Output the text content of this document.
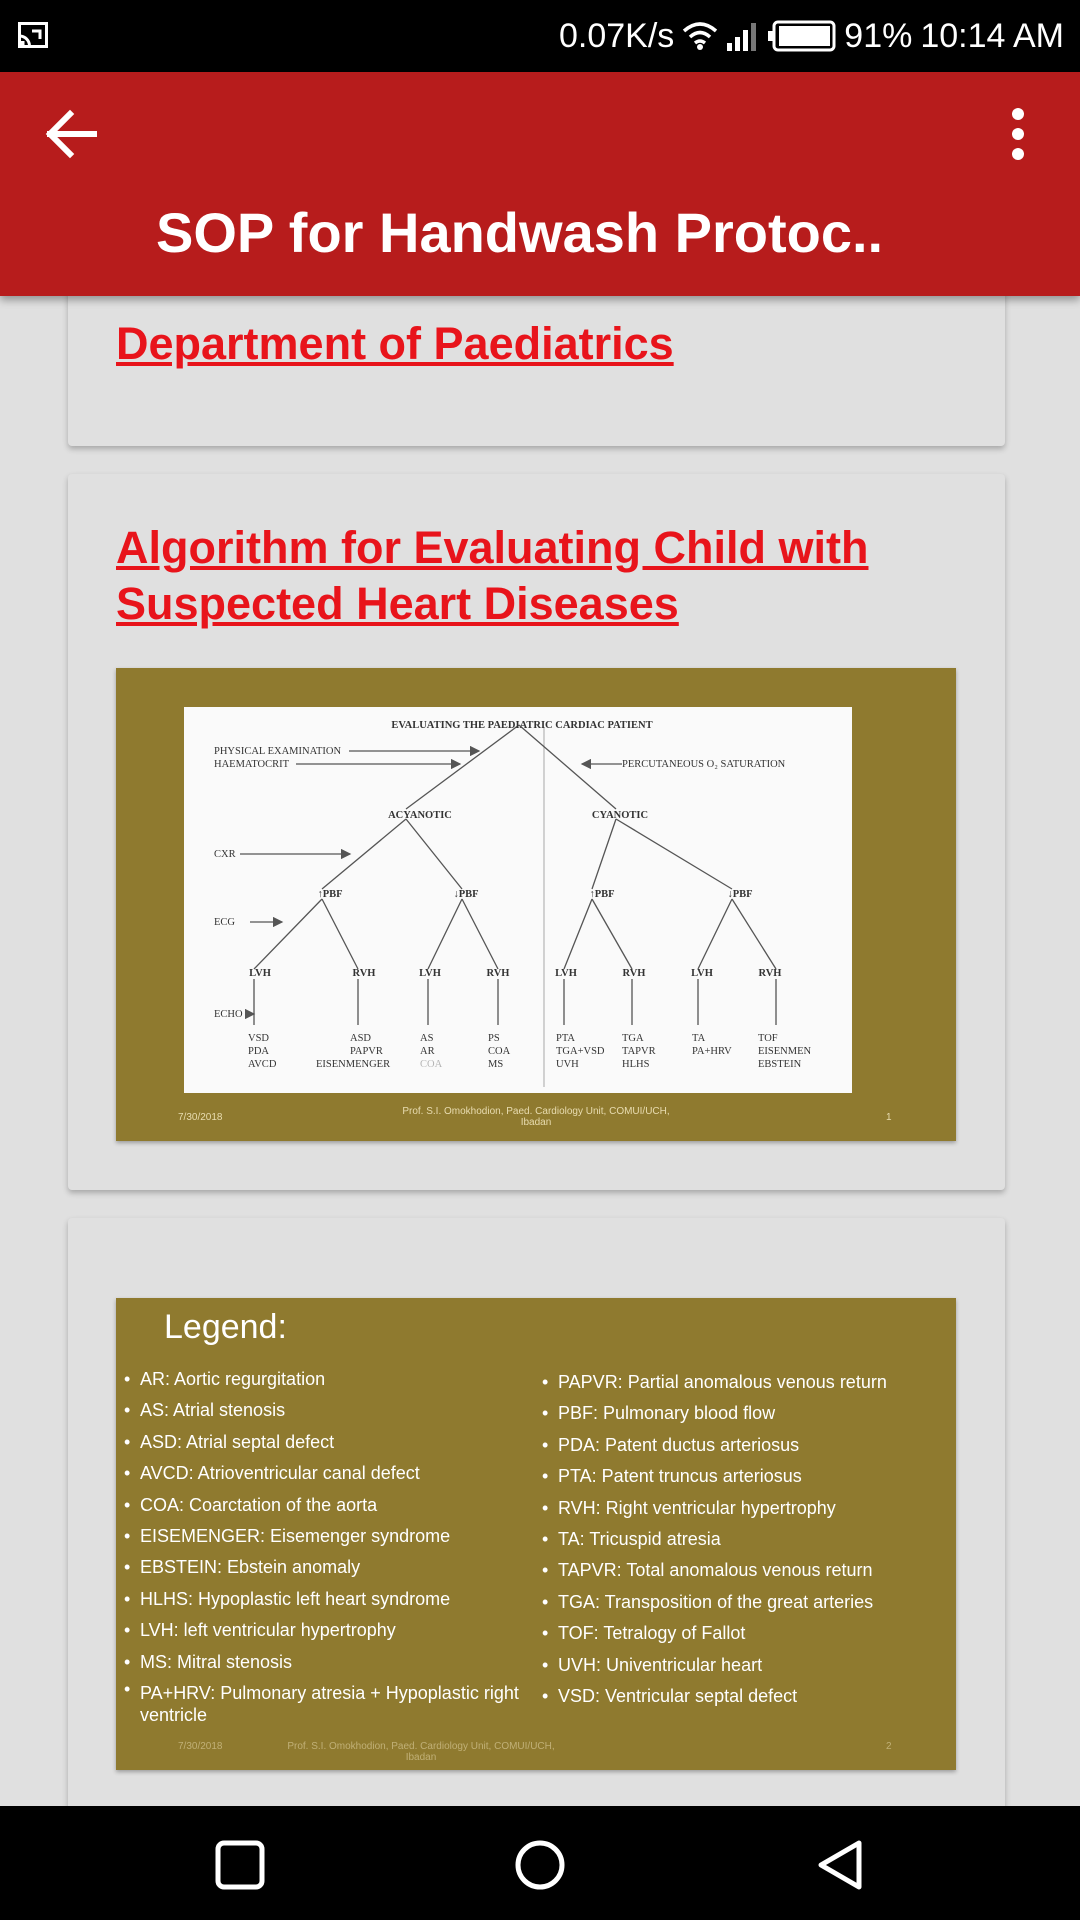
0.07K/s	91% 10:14 AM
SOP for Handwash Protoc..
Department of Paediatrics
Algorithm for Evaluating Child with Suspected Heart Diseases
EVALUATING THE PAEDIATRIC CARDIAC PATIENT
PHYSICAL EXAMINATION
HAEMATOCRIT
CXR
ECG
ECHO
PERCUTANEOUS O₂ SATURATION
ACYANOTIC	CYANOTIC
↑PBF	↓PBF	↑PBF	↓PBF
LVH	RVH	LVH	RVH	LVH	RVH	LVH	RVH
VSD
PDA
AVCD
ASD
PAPVR
EISENMENGER
AS
AR
COA
PS
COA
MS
PTA
TGA+VSD
UVH
TGA
TAPVR
HLHS
TA
PA+HRV
TOF
EISENMEN
EBSTEIN
7/30/2018
Prof. S.I. Omokhodion, Paed. Cardiology Unit, COMUI/UCH,
Ibadan	1
Legend:
• AR: Aortic regurgitation
• AS: Atrial stenosis
• ASD: Atrial septal defect
• AVCD: Atrioventricular canal defect
• COA: Coarctation of the aorta
• EISEMENGER: Eisemenger syndrome
• EBSTEIN: Ebstein anomaly
• HLHS: Hypoplastic left heart syndrome
• LVH: left ventricular hypertrophy
• MS: Mitral stenosis
• PA+HRV: Pulmonary atresia + Hypoplastic right ventricle
• PAPVR: Partial anomalous venous return
• PBF: Pulmonary blood flow
• PDA: Patent ductus arteriosus
• PTA: Patent truncus arteriosus
• RVH: Right ventricular hypertrophy
• TA: Tricuspid atresia
• TAPVR: Total anomalous venous return
• TGA: Transposition of the great arteries
• TOF: Tetralogy of Fallot
• UVH: Univentricular heart
• VSD: Ventricular septal defect
7/30/2018	Prof. S.I. Omokhodion, Paed. Cardiology Unit, COMUI/UCH,
Ibadan
2
